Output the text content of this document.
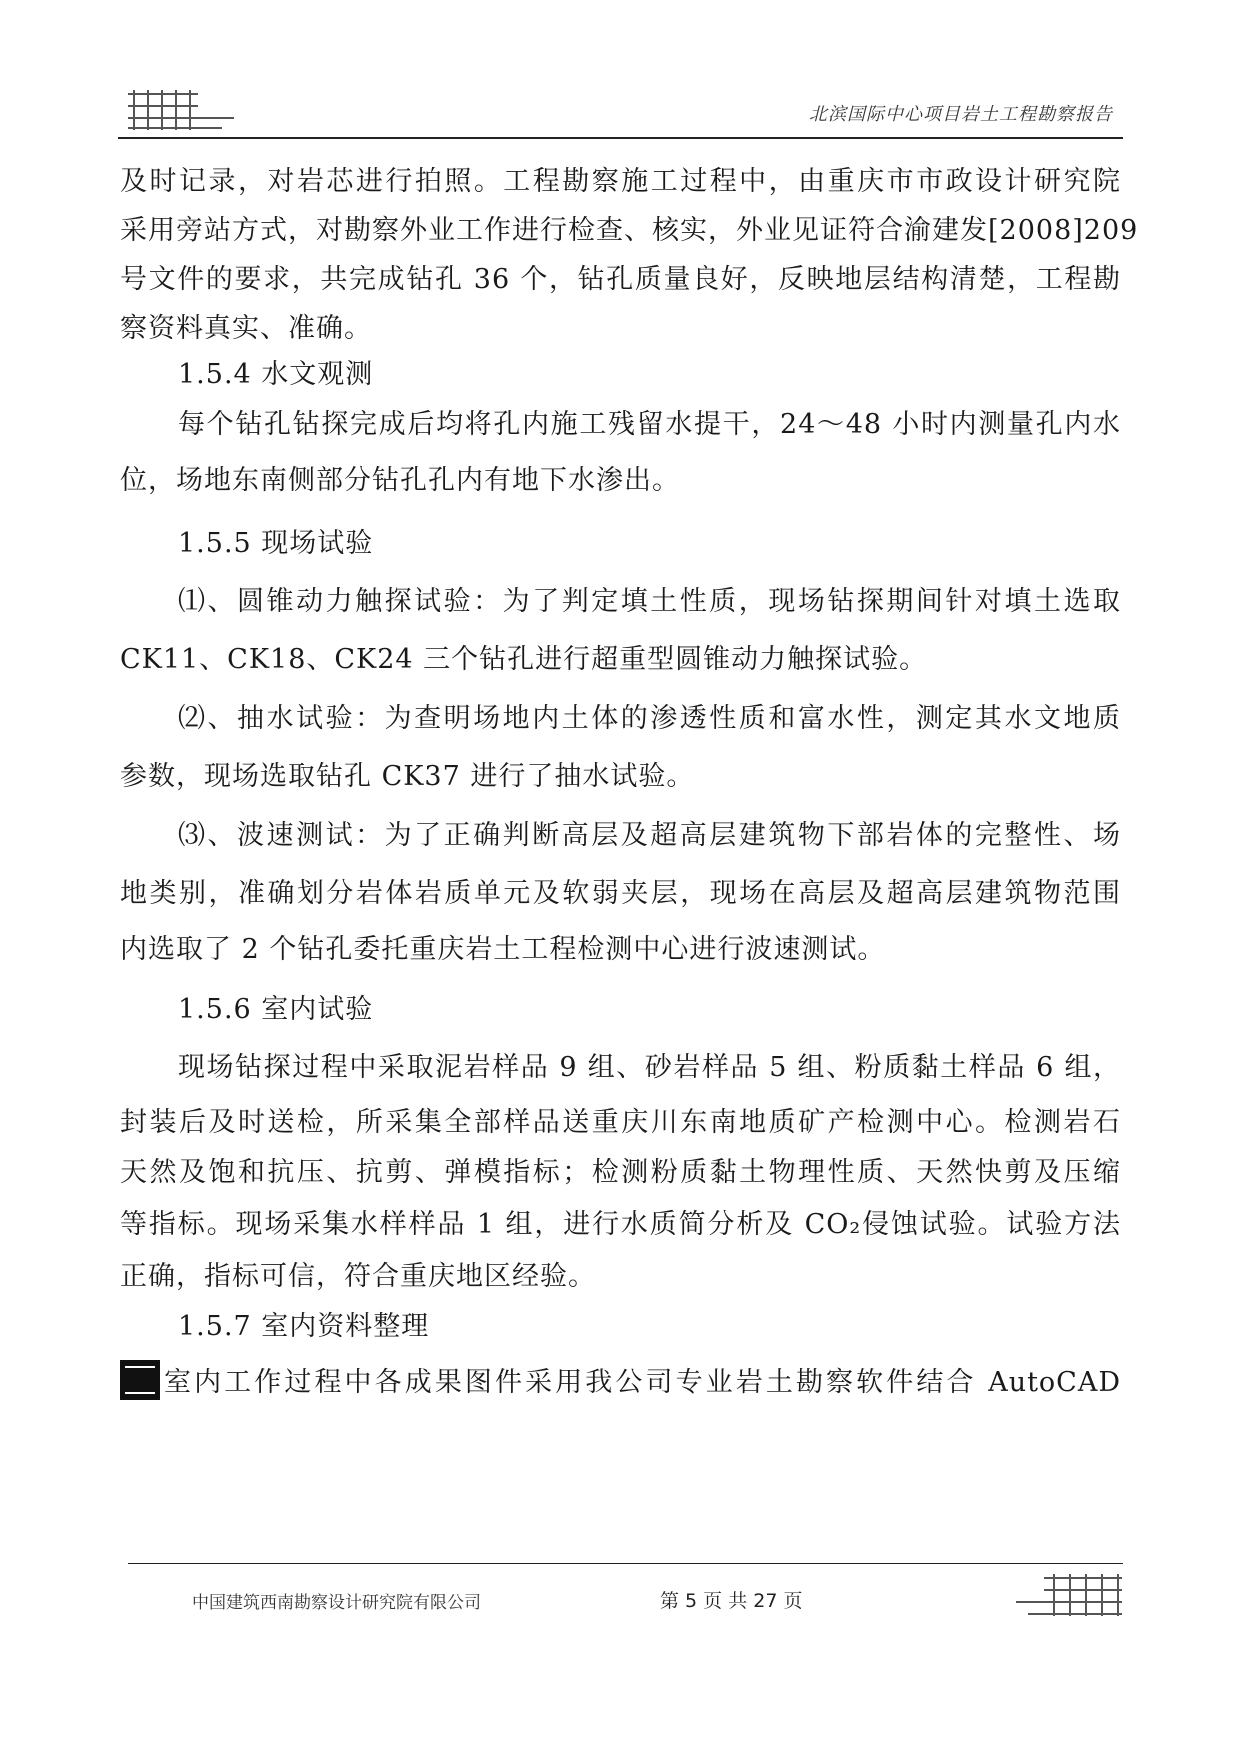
北滨国际中心项目岩土工程勘察报告
及时记录，对岩芯进行拍照。工程勘察施工过程中，由重庆市市政设计研究院
采用旁站方式，对勘察外业工作进行检查、核实，外业见证符合渝建发[2008]209
号文件的要求，共完成钻孔 36 个，钻孔质量良好，反映地层结构清楚，工程勘
察资料真实、准确。
1.5.4 水文观测
每个钻孔钻探完成后均将孔内施工残留水提干，24～48 小时内测量孔内水
位，场地东南侧部分钻孔孔内有地下水渗出。
1.5.5 现场试验
⑴、圆锥动力触探试验：为了判定填土性质，现场钻探期间针对填土选取
CK11、CK18、CK24 三个钻孔进行超重型圆锥动力触探试验。
⑵、抽水试验：为查明场地内土体的渗透性质和富水性，测定其水文地质
参数，现场选取钻孔 CK37 进行了抽水试验。
⑶、波速测试：为了正确判断高层及超高层建筑物下部岩体的完整性、场
地类别，准确划分岩体岩质单元及软弱夹层，现场在高层及超高层建筑物范围
内选取了 2 个钻孔委托重庆岩土工程检测中心进行波速测试。
1.5.6 室内试验
现场钻探过程中采取泥岩样品 9 组、砂岩样品 5 组、粉质黏土样品 6 组，
封装后及时送检，所采集全部样品送重庆川东南地质矿产检测中心。检测岩石
天然及饱和抗压、抗剪、弹模指标；检测粉质黏土物理性质、天然快剪及压缩
等指标。现场采集水样样品 1 组，进行水质简分析及 CO₂侵蚀试验。试验方法
正确，指标可信，符合重庆地区经验。
1.5.7 室内资料整理
室内工作过程中各成果图件采用我公司专业岩土勘察软件结合 AutoCAD
中国建筑西南勘察设计研究院有限公司	第 5 页 共 27 页
